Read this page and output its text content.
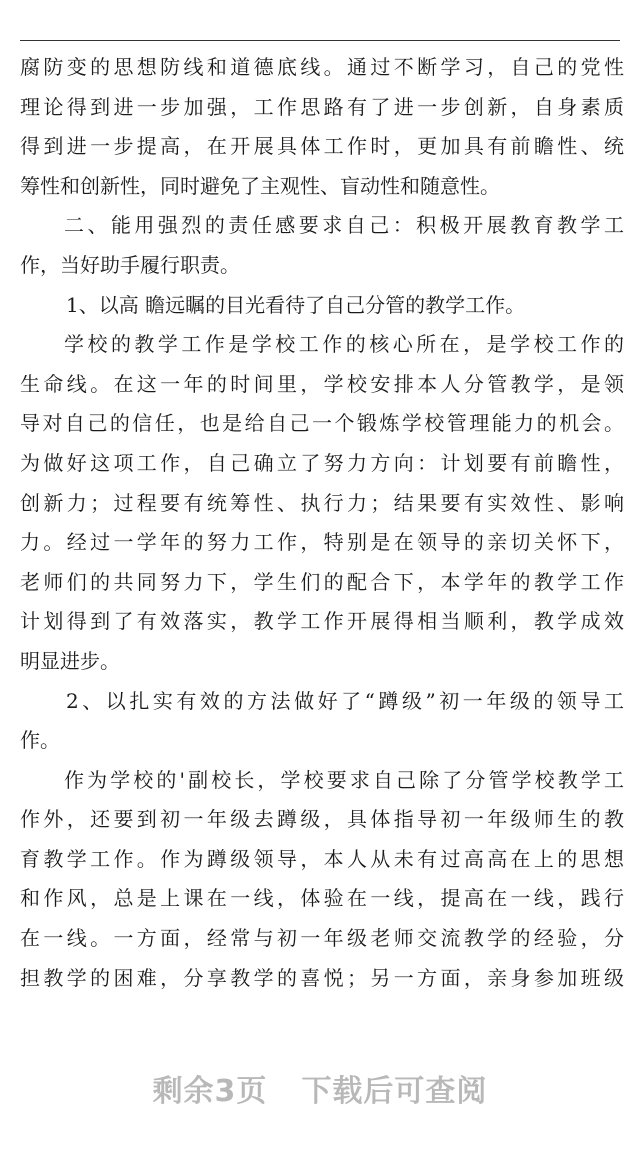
腐防变的思想防线和道德底线。通过不断学习，自己的党性

理论得到进一步加强，工作思路有了进一步创新，自身素质

得到进一步提高，在开展具体工作时，更加具有前瞻性、统

筹性和创新性，同时避免了主观性、盲动性和随意性。

二、能用强烈的责任感要求自己：积极开展教育教学工

作，当好助手履行职责。

1、以高 瞻远瞩的目光看待了自己分管的教学工作。

学校的教学工作是学校工作的核心所在，是学校工作的

生命线。在这一年的时间里，学校安排本人分管教学，是领

导对自己的信任，也是给自己一个锻炼学校管理能力的机会。

为做好这项工作，自己确立了努力方向：计划要有前瞻性，

创新力；过程要有统筹性、执行力；结果要有实效性、影响

力。经过一学年的努力工作，特别是在领导的亲切关怀下，

老师们的共同努力下，学生们的配合下，本学年的教学工作

计划得到了有效落实，教学工作开展得相当顺利，教学成效

明显进步。

2、以扎实有效的方法做好了“蹲级”初一年级的领导工

作。

作为学校的'副校长，学校要求自己除了分管学校教学工

作外，还要到初一年级去蹲级，具体指导初一年级师生的教

育教学工作。作为蹲级领导，本人从未有过高高在上的思想

和作风，总是上课在一线，体验在一线，提高在一线，践行

在一线。一方面，经常与初一年级老师交流教学的经验，分

担教学的困难，分享教学的喜悦；另一方面，亲身参加班级

剩余3页 下载后可查阅
